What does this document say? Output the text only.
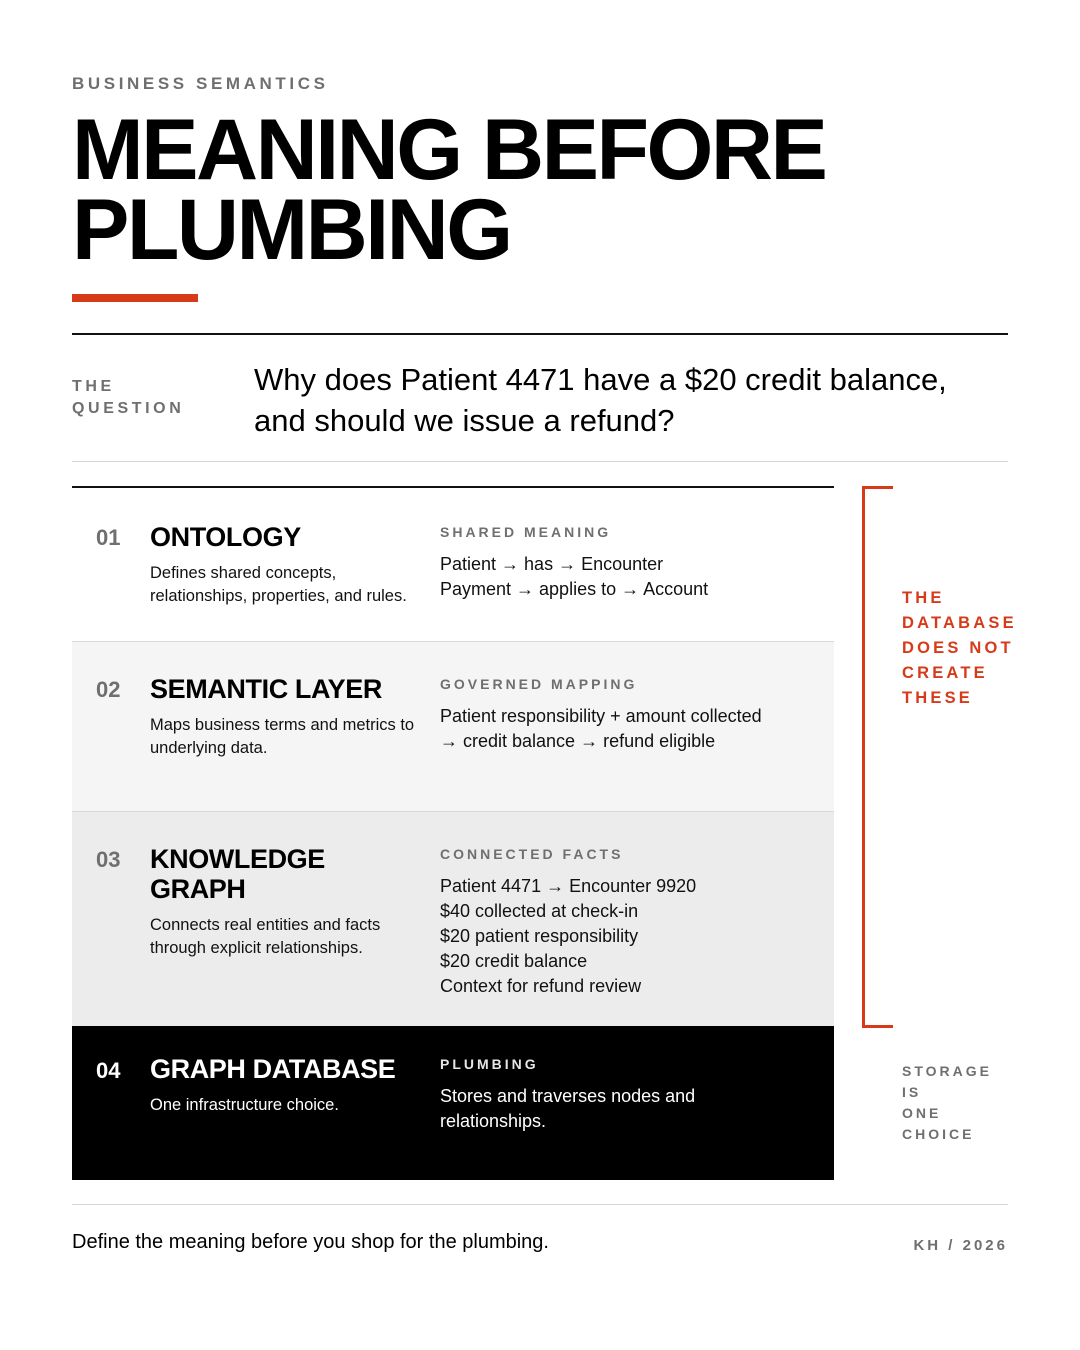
BUSINESS SEMANTICS
MEANING BEFORE
PLUMBING
THE
QUESTION
Why does Patient 4471 have a $20 credit balance,
and should we issue a refund?
01 ONTOLOGY
Defines shared concepts,
relationships, properties, and rules.
SHARED MEANING
Patient → has → Encounter
Payment → applies to → Account
02 SEMANTIC LAYER
Maps business terms and metrics to
underlying data.
GOVERNED MAPPING
Patient responsibility + amount collected
→ credit balance → refund eligible
03 KNOWLEDGE
GRAPH
Connects real entities and facts
through explicit relationships.
CONNECTED FACTS
Patient 4471 → Encounter 9920
$40 collected at check-in
$20 patient responsibility
$20 credit balance
Context for refund review
04 GRAPH DATABASE
One infrastructure choice.
PLUMBING
Stores and traverses nodes and
relationships.
THE
DATABASE
DOES NOT
CREATE
THESE
STORAGE
IS
ONE
CHOICE
Define the meaning before you shop for the plumbing.	KH / 2026
